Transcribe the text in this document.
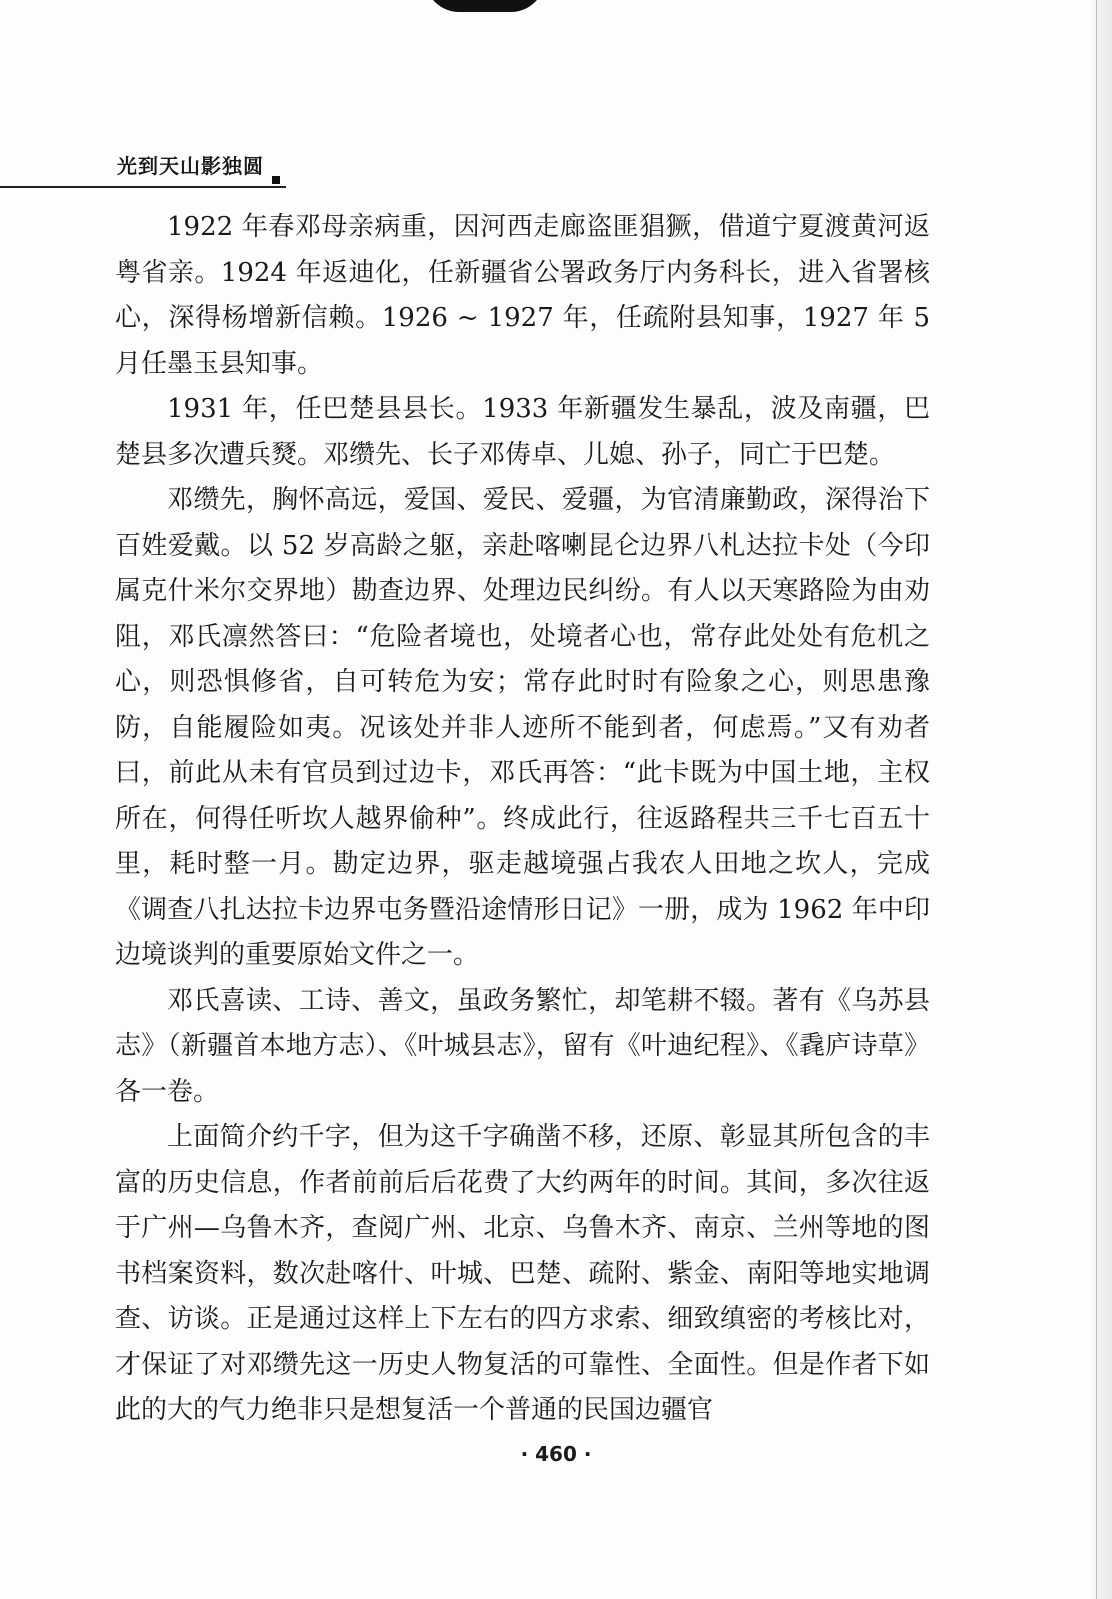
光到天山影独圆

1922 年春邓母亲病重，因河西走廊盗匪猖獗，借道宁夏渡黄河返粤省亲。1924 年返迪化，任新疆省公署政务厅内务科长，进入省署核心，深得杨增新信赖。1926 ~ 1927 年，任疏附县知事，1927 年 5 月任墨玉县知事。

1931 年，任巴楚县县长。1933 年新疆发生暴乱，波及南疆，巴楚县多次遭兵燹。邓缵先、长子邓俦卓、儿媳、孙子，同亡于巴楚。

邓缵先，胸怀高远，爱国、爱民、爱疆，为官清廉勤政，深得治下百姓爱戴。以 52 岁高龄之躯，亲赴喀喇昆仑边界八札达拉卡处（今印属克什米尔交界地）勘查边界、处理边民纠纷。有人以天寒路险为由劝阻，邓氏凛然答曰：“危险者境也，处境者心也，常存此处处有危机之心，则恐惧修省，自可转危为安；常存此时时有险象之心，则思患豫防，自能履险如夷。况该处并非人迹所不能到者，何虑焉。”又有劝者曰，前此从未有官员到过边卡，邓氏再答：“此卡既为中国土地，主权所在，何得任听坎人越界偷种”。终成此行，往返路程共三千七百五十里，耗时整一月。勘定边界，驱走越境强占我农人田地之坎人，完成《调查八扎达拉卡边界屯务暨沿途情形日记》一册，成为 1962 年中印边境谈判的重要原始文件之一。

邓氏喜读、工诗、善文，虽政务繁忙，却笔耕不辍。著有《乌苏县志》（新疆首本地方志）、《叶城县志》，留有《叶迪纪程》、《毳庐诗草》各一卷。

上面简介约千字，但为这千字确凿不移，还原、彰显其所包含的丰富的历史信息，作者前前后后花费了大约两年的时间。其间，多次往返于广州—乌鲁木齐，查阅广州、北京、乌鲁木齐、南京、兰州等地的图书档案资料，数次赴喀什、叶城、巴楚、疏附、紫金、南阳等地实地调查、访谈。正是通过这样上下左右的四方求索、细致缜密的考核比对，才保证了对邓缵先这一历史人物复活的可靠性、全面性。但是作者下如此的大的气力绝非只是想复活一个普通的民国边疆官

· 460 ·
